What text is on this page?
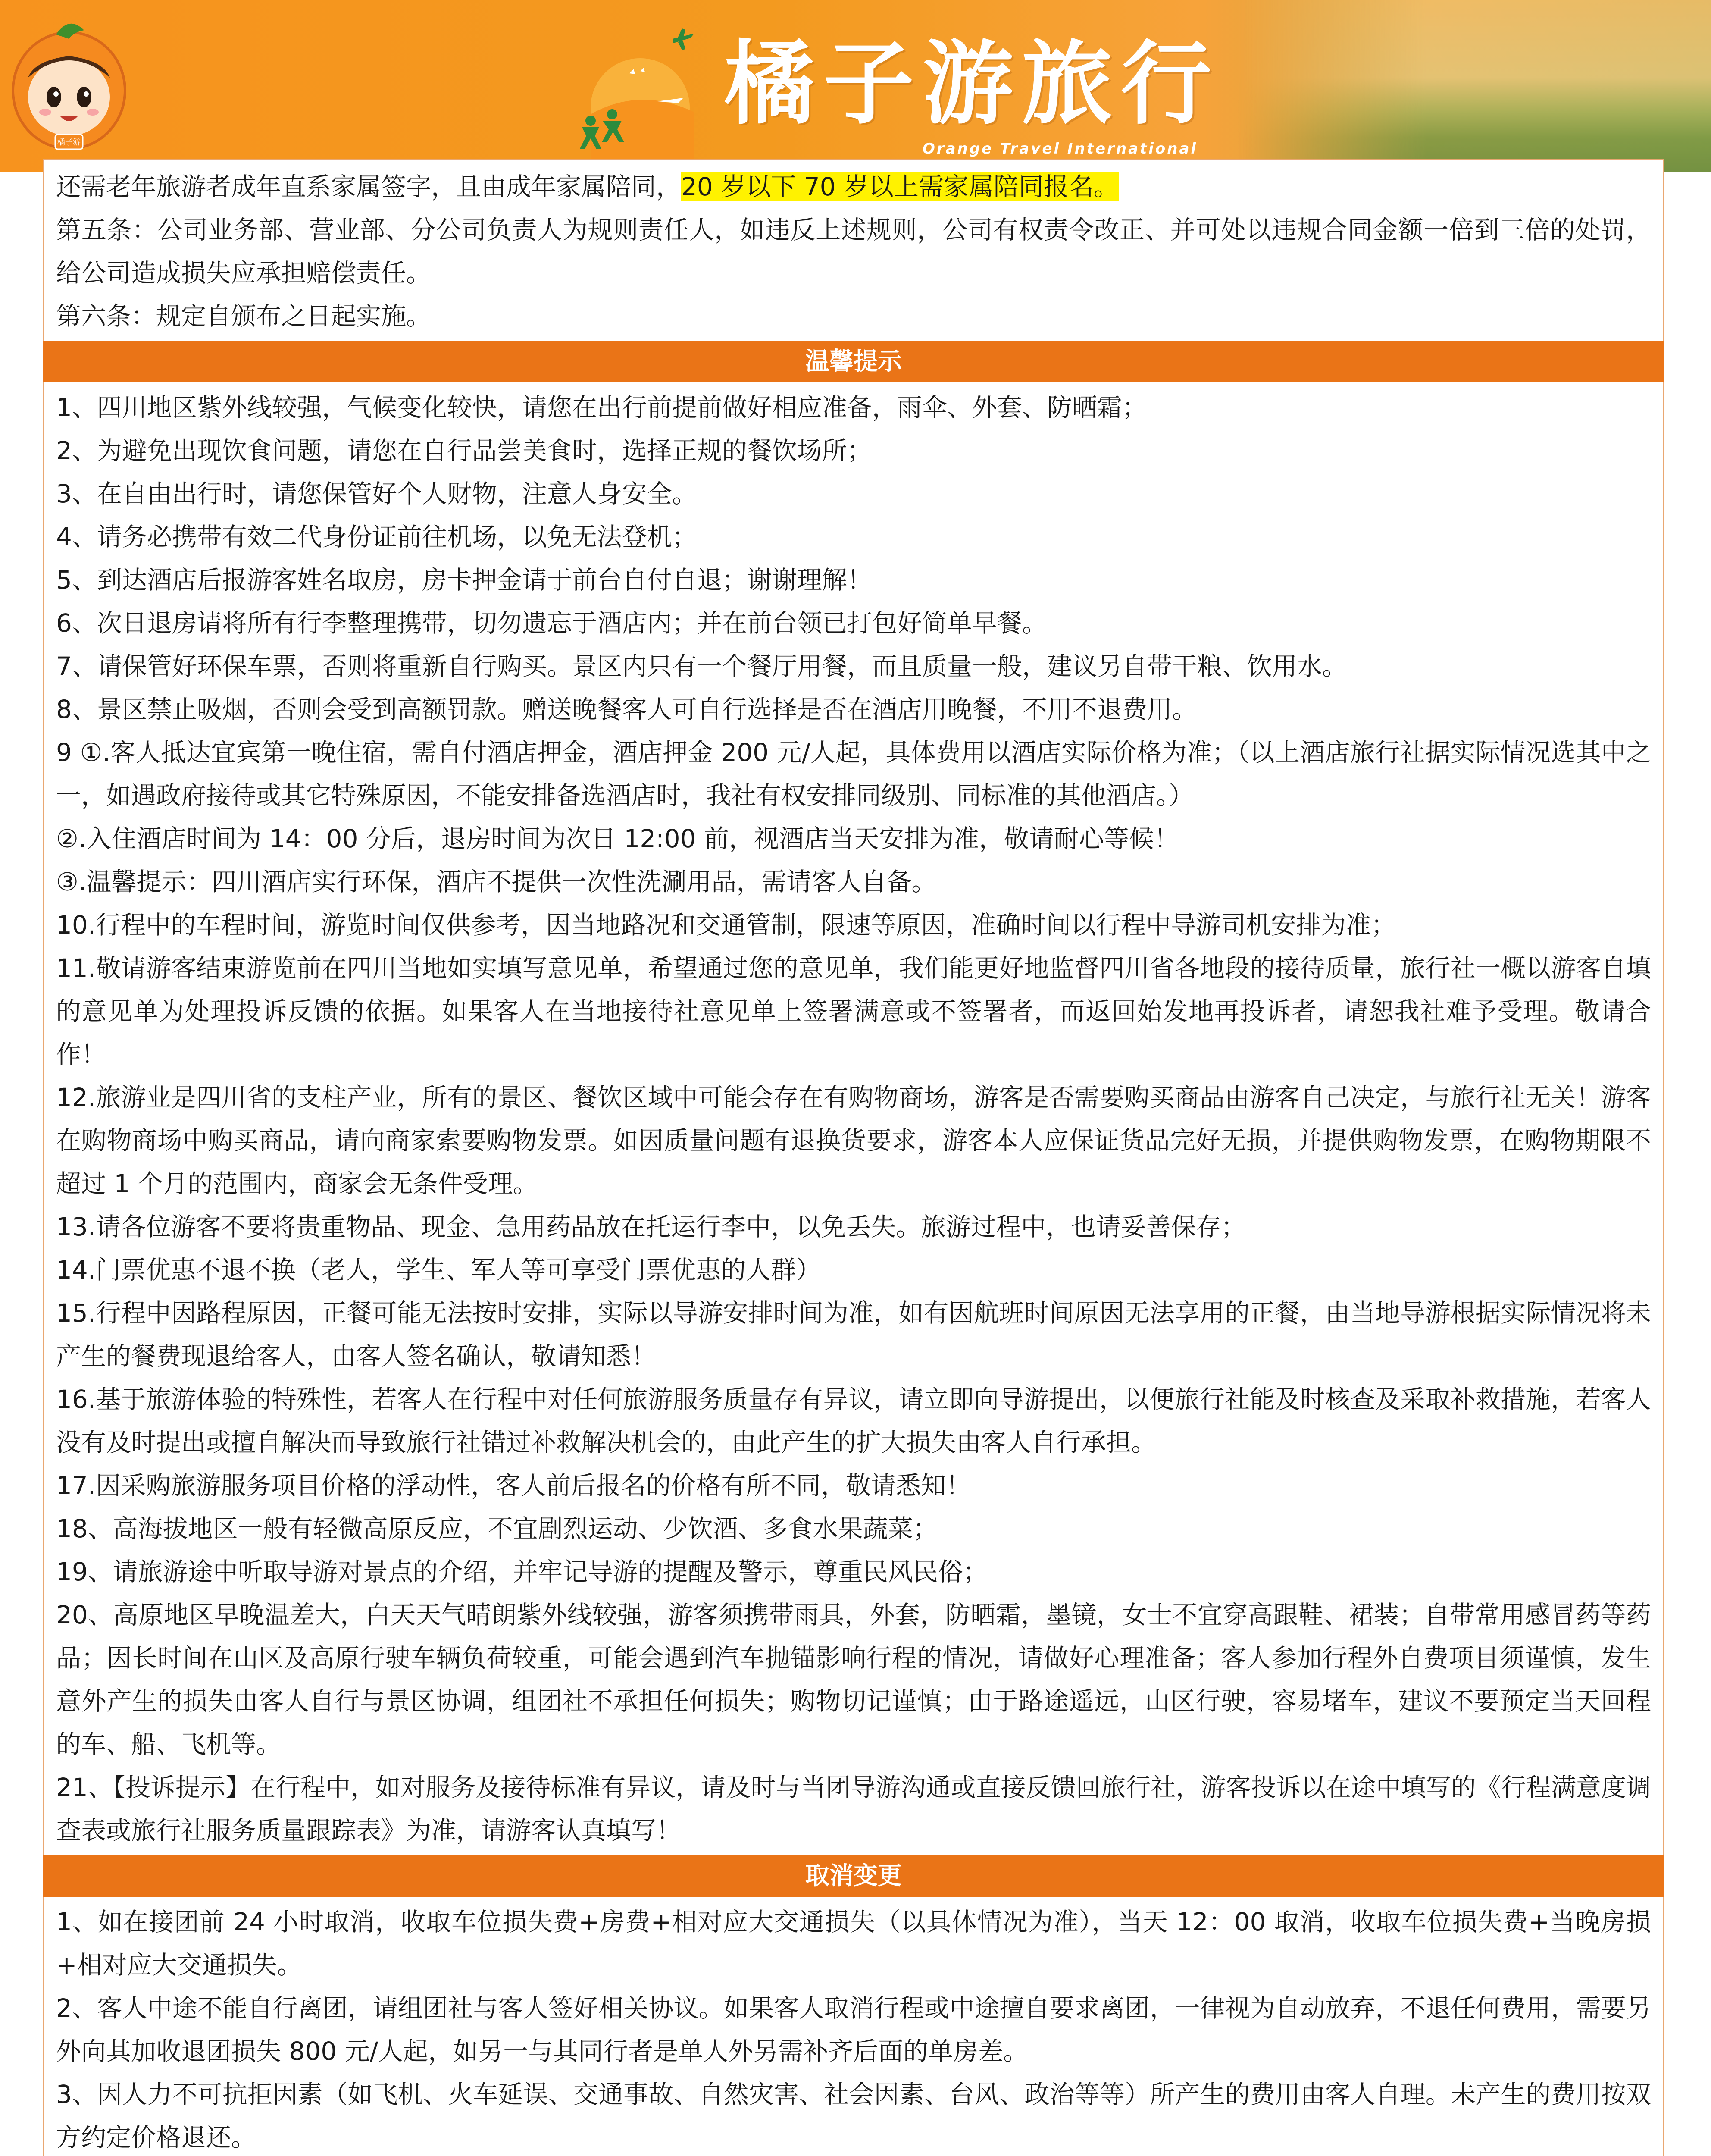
橘子游
橘子游旅行
Orange Travel International

还需老年旅游者成年直系家属签字，且由成年家属陪同，20 岁以下 70 岁以上需家属陪同报名。

第五条：公司业务部、营业部、分公司负责人为规则责任人，如违反上述规则，公司有权责令改正、并可处以违规合同金额一倍到三倍的处罚，给公司造成损失应承担赔偿责任。

第六条：规定自颁布之日起实施。

温馨提示

1、四川地区紫外线较强，气候变化较快，请您在出行前提前做好相应准备，雨伞、外套、防晒霜；

2、为避免出现饮食问题，请您在自行品尝美食时，选择正规的餐饮场所；

3、在自由出行时，请您保管好个人财物，注意人身安全。

4、请务必携带有效二代身份证前往机场，以免无法登机；

5、到达酒店后报游客姓名取房，房卡押金请于前台自付自退；谢谢理解！

6、次日退房请将所有行李整理携带，切勿遗忘于酒店内；并在前台领已打包好简单早餐。

7、请保管好环保车票，否则将重新自行购买。景区内只有一个餐厅用餐，而且质量一般，建议另自带干粮、饮用水。

8、景区禁止吸烟，否则会受到高额罚款。赠送晚餐客人可自行选择是否在酒店用晚餐，不用不退费用。

9 ①.客人抵达宜宾第一晚住宿，需自付酒店押金，酒店押金 200 元/人起，具体费用以酒店实际价格为准；（以上酒店旅行社据实际情况选其中之一，如遇政府接待或其它特殊原因，不能安排备选酒店时，我社有权安排同级别、同标准的其他酒店。）

②.入住酒店时间为 14：00 分后，退房时间为次日 12:00 前，视酒店当天安排为准，敬请耐心等候！

③.温馨提示：四川酒店实行环保，酒店不提供一次性洗涮用品，需请客人自备。

10.行程中的车程时间，游览时间仅供参考，因当地路况和交通管制，限速等原因，准确时间以行程中导游司机安排为准；

11.敬请游客结束游览前在四川当地如实填写意见单，希望通过您的意见单，我们能更好地监督四川省各地段的接待质量，旅行社一概以游客自填的意见单为处理投诉反馈的依据。如果客人在当地接待社意见单上签署满意或不签署者，而返回始发地再投诉者，请恕我社难予受理。敬请合作！

12.旅游业是四川省的支柱产业，所有的景区、餐饮区域中可能会存在有购物商场，游客是否需要购买商品由游客自己决定，与旅行社无关！游客在购物商场中购买商品，请向商家索要购物发票。如因质量问题有退换货要求，游客本人应保证货品完好无损，并提供购物发票，在购物期限不超过 1 个月的范围内，商家会无条件受理。

13.请各位游客不要将贵重物品、现金、急用药品放在托运行李中，以免丢失。旅游过程中，也请妥善保存；

14.门票优惠不退不换（老人，学生、军人等可享受门票优惠的人群）

15.行程中因路程原因，正餐可能无法按时安排，实际以导游安排时间为准，如有因航班时间原因无法享用的正餐，由当地导游根据实际情况将未产生的餐费现退给客人，由客人签名确认，敬请知悉！

16.基于旅游体验的特殊性，若客人在行程中对任何旅游服务质量存有异议，请立即向导游提出，以便旅行社能及时核查及采取补救措施，若客人没有及时提出或擅自解决而导致旅行社错过补救解决机会的，由此产生的扩大损失由客人自行承担。

17.因采购旅游服务项目价格的浮动性，客人前后报名的价格有所不同，敬请悉知！

18、高海拔地区一般有轻微高原反应，不宜剧烈运动、少饮酒、多食水果蔬菜；

19、请旅游途中听取导游对景点的介绍，并牢记导游的提醒及警示，尊重民风民俗；

20、高原地区早晚温差大，白天天气晴朗紫外线较强，游客须携带雨具，外套，防晒霜，墨镜，女士不宜穿高跟鞋、裙装；自带常用感冒药等药品；因长时间在山区及高原行驶车辆负荷较重，可能会遇到汽车抛锚影响行程的情况，请做好心理准备；客人参加行程外自费项目须谨慎，发生意外产生的损失由客人自行与景区协调，组团社不承担任何损失；购物切记谨慎；由于路途遥远，山区行驶，容易堵车，建议不要预定当天回程的车、船、飞机等。

21、【投诉提示】在行程中，如对服务及接待标准有异议，请及时与当团导游沟通或直接反馈回旅行社，游客投诉以在途中填写的《行程满意度调查表或旅行社服务质量跟踪表》为准，请游客认真填写！

取消变更

1、如在接团前 24 小时取消，收取车位损失费+房费+相对应大交通损失（以具体情况为准），当天 12：00 取消，收取车位损失费+当晚房损+相对应大交通损失。

2、客人中途不能自行离团，请组团社与客人签好相关协议。如果客人取消行程或中途擅自要求离团，一律视为自动放弃，不退任何费用，需要另外向其加收退团损失 800 元/人起，如另一与其同行者是单人外另需补齐后面的单房差。

3、因人力不可抗拒因素（如飞机、火车延误、交通事故、自然灾害、社会因素、台风、政治等等）所产生的费用由客人自理。未产生的费用按双方约定价格退还。
